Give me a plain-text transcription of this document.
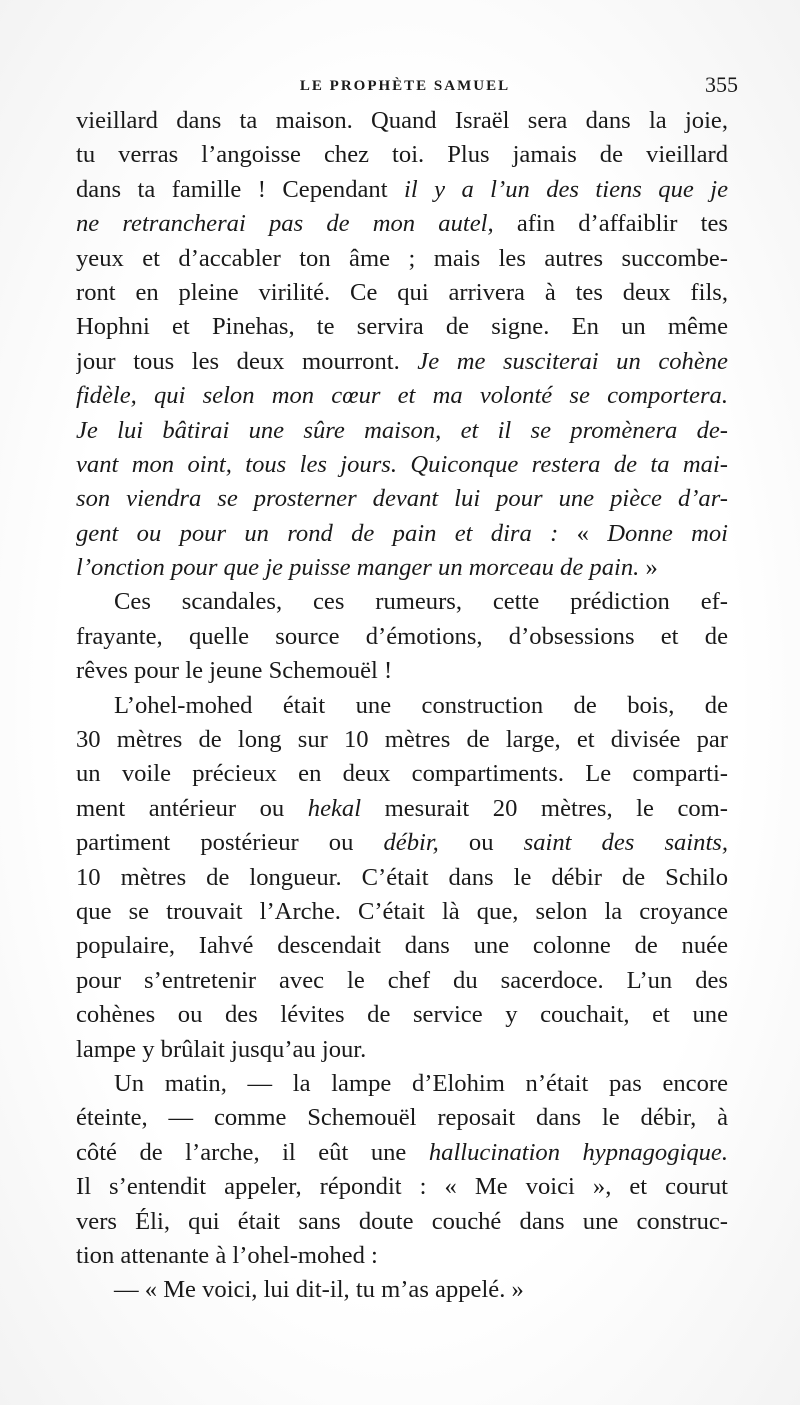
LE PROPHÈTE SAMUEL	355
vieillard dans ta maison. Quand Israël sera dans la joie,
tu verras l’angoisse chez toi. Plus jamais de vieillard
dans ta famille ! Cependant il y a l’un des tiens que je
ne retrancherai pas de mon autel, afin d’affaiblir tes
yeux et d’accabler ton âme ; mais les autres succombe-
ront en pleine virilité. Ce qui arrivera à tes deux fils,
Hophni et Pinehas, te servira de signe. En un même
jour tous les deux mourront. Je me susciterai un cohène
fidèle, qui selon mon cœur et ma volonté se comportera.
Je lui bâtirai une sûre maison, et il se promènera de-
vant mon oint, tous les jours. Quiconque restera de ta mai-
son viendra se prosterner devant lui pour une pièce d’ar-
gent ou pour un rond de pain et dira : « Donne moi
l’onction pour que je puisse manger un morceau de pain. »
Ces scandales, ces rumeurs, cette prédiction ef-
frayante, quelle source d’émotions, d’obsessions et de
rêves pour le jeune Schemouël !
L’ohel-mohed était une construction de bois, de
30 mètres de long sur 10 mètres de large, et divisée par
un voile précieux en deux compartiments. Le comparti-
ment antérieur ou hekal mesurait 20 mètres, le com-
partiment postérieur ou débir, ou saint des saints,
10 mètres de longueur. C’était dans le débir de Schilo
que se trouvait l’Arche. C’était là que, selon la croyance
populaire, Iahvé descendait dans une colonne de nuée
pour s’entretenir avec le chef du sacerdoce. L’un des
cohènes ou des lévites de service y couchait, et une
lampe y brûlait jusqu’au jour.
Un matin, — la lampe d’Elohim n’était pas encore
éteinte, — comme Schemouël reposait dans le débir, à
côté de l’arche, il eût une hallucination hypnagogique.
Il s’entendit appeler, répondit : « Me voici », et courut
vers Éli, qui était sans doute couché dans une construc-
tion attenante à l’ohel-mohed :
— « Me voici, lui dit-il, tu m’as appelé. »
